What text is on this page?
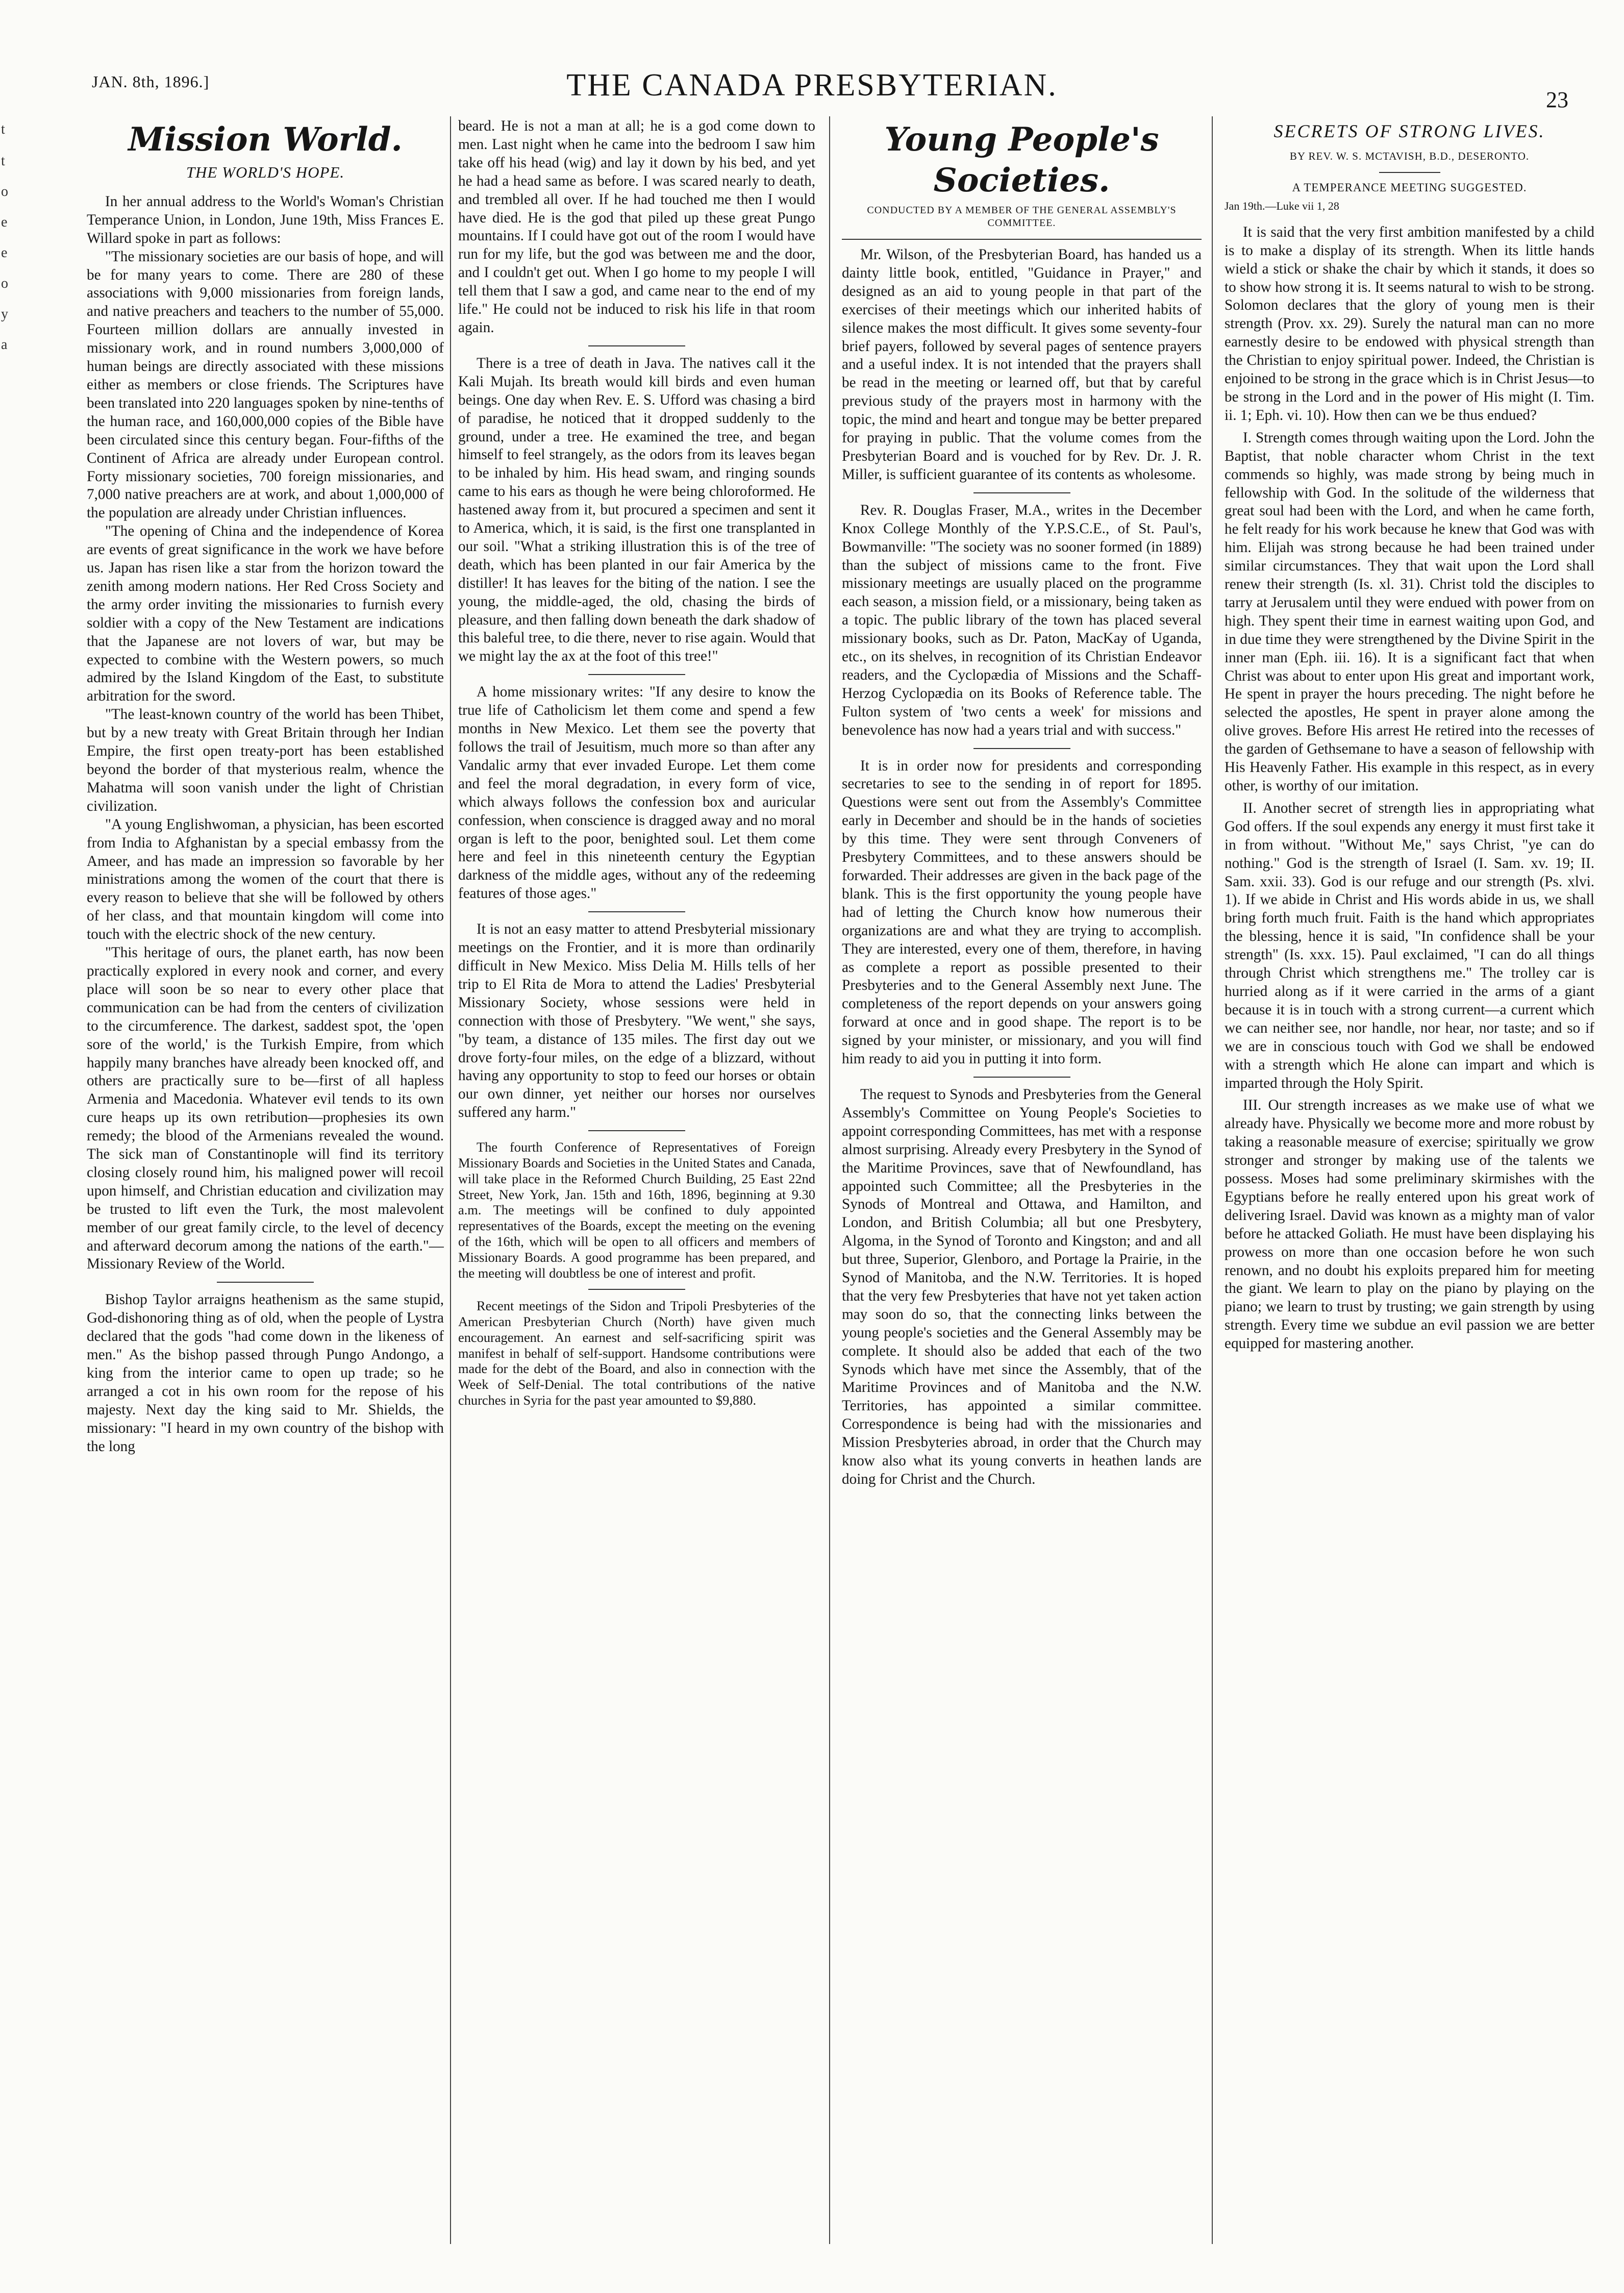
JAN. 8th, 1896.]	THE CANADA PRESBYTERIAN.	23
t
t
o
e
e
o
y
a
Mission World.
THE WORLD'S HOPE.

In her annual address to the World's Woman's Christian Temperance Union, in London, June 19th, Miss Frances E. Willard spoke in part as follows:

"The missionary societies are our basis of hope, and will be for many years to come. There are 280 of these associations with 9,000 missionaries from foreign lands, and native preachers and teachers to the number of 55,000. Fourteen million dollars are annually invested in missionary work, and in round numbers 3,000,000 of human beings are directly associated with these missions either as members or close friends. The Scriptures have been translated into 220 languages spoken by nine-tenths of the human race, and 160,000,000 copies of the Bible have been circulated since this century began. Four-fifths of the Continent of Africa are already under European control. Forty missionary societies, 700 foreign missionaries, and 7,000 native preachers are at work, and about 1,000,000 of the population are already under Christian influences.

"The opening of China and the independence of Korea are events of great significance in the work we have before us. Japan has risen like a star from the horizon toward the zenith among modern nations. Her Red Cross Society and the army order inviting the missionaries to furnish every soldier with a copy of the New Testament are indications that the Japanese are not lovers of war, but may be expected to combine with the Western powers, so much admired by the Island Kingdom of the East, to substitute arbitration for the sword.

"The least-known country of the world has been Thibet, but by a new treaty with Great Britain through her Indian Empire, the first open treaty-port has been established beyond the border of that mysterious realm, whence the Mahatma will soon vanish under the light of Christian civilization.

"A young Englishwoman, a physician, has been escorted from India to Afghanistan by a special embassy from the Ameer, and has made an impression so favorable by her ministrations among the women of the court that there is every reason to believe that she will be followed by others of her class, and that mountain kingdom will come into touch with the electric shock of the new century.

"This heritage of ours, the planet earth, has now been practically explored in every nook and corner, and every place will soon be so near to every other place that communication can be had from the centers of civilization to the circumference. The darkest, saddest spot, the 'open sore of the world,' is the Turkish Empire, from which happily many branches have already been knocked off, and others are practically sure to be—first of all hapless Armenia and Macedonia. Whatever evil tends to its own cure heaps up its own retribution—prophesies its own remedy; the blood of the Armenians revealed the wound. The sick man of Constantinople will find its territory closing closely round him, his maligned power will recoil upon himself, and Christian education and civilization may be trusted to lift even the Turk, the most malevolent member of our great family circle, to the level of decency and afterward decorum among the nations of the earth."—Missionary Review of the World.

Bishop Taylor arraigns heathenism as the same stupid, God-dishonoring thing as of old, when the people of Lystra declared that the gods "had come down in the likeness of men." As the bishop passed through Pungo Andongo, a king from the interior came to open up trade; so he arranged a cot in his own room for the repose of his majesty. Next day the king said to Mr. Shields, the missionary: "I heard in my own country of the bishop with the long

beard. He is not a man at all; he is a god come down to men. Last night when he came into the bedroom I saw him take off his head (wig) and lay it down by his bed, and yet he had a head same as before. I was scared nearly to death, and trembled all over. If he had touched me then I would have died. He is the god that piled up these great Pungo mountains. If I could have got out of the room I would have run for my life, but the god was between me and the door, and I couldn't get out. When I go home to my people I will tell them that I saw a god, and came near to the end of my life." He could not be induced to risk his life in that room again.

There is a tree of death in Java. The natives call it the Kali Mujah. Its breath would kill birds and even human beings. One day when Rev. E. S. Ufford was chasing a bird of paradise, he noticed that it dropped suddenly to the ground, under a tree. He examined the tree, and began himself to feel strangely, as the odors from its leaves began to be inhaled by him. His head swam, and ringing sounds came to his ears as though he were being chloroformed. He hastened away from it, but procured a specimen and sent it to America, which, it is said, is the first one transplanted in our soil. "What a striking illustration this is of the tree of death, which has been planted in our fair America by the distiller! It has leaves for the biting of the nation. I see the young, the middle-aged, the old, chasing the birds of pleasure, and then falling down beneath the dark shadow of this baleful tree, to die there, never to rise again. Would that we might lay the ax at the foot of this tree!"

A home missionary writes: "If any desire to know the true life of Catholicism let them come and spend a few months in New Mexico. Let them see the poverty that follows the trail of Jesuitism, much more so than after any Vandalic army that ever invaded Europe. Let them come and feel the moral degradation, in every form of vice, which always follows the confession box and auricular confession, when conscience is dragged away and no moral organ is left to the poor, benighted soul. Let them come here and feel in this nineteenth century the Egyptian darkness of the middle ages, without any of the redeeming features of those ages."

It is not an easy matter to attend Presbyterial missionary meetings on the Frontier, and it is more than ordinarily difficult in New Mexico. Miss Delia M. Hills tells of her trip to El Rita de Mora to attend the Ladies' Presbyterial Missionary Society, whose sessions were held in connection with those of Presbytery. "We went," she says, "by team, a distance of 135 miles. The first day out we drove forty-four miles, on the edge of a blizzard, without having any opportunity to stop to feed our horses or obtain our own dinner, yet neither our horses nor ourselves suffered any harm."

The fourth Conference of Representatives of Foreign Missionary Boards and Societies in the United States and Canada, will take place in the Reformed Church Building, 25 East 22nd Street, New York, Jan. 15th and 16th, 1896, beginning at 9.30 a.m. The meetings will be confined to duly appointed representatives of the Boards, except the meeting on the evening of the 16th, which will be open to all officers and members of Missionary Boards. A good programme has been prepared, and the meeting will doubtless be one of interest and profit.

Recent meetings of the Sidon and Tripoli Presbyteries of the American Presbyterian Church (North) have given much encouragement. An earnest and self-sacrificing spirit was manifest in behalf of self-support. Handsome contributions were made for the debt of the Board, and also in connection with the Week of Self-Denial. The total contributions of the native churches in Syria for the past year amounted to $9,880.

Young People's Societies.
CONDUCTED BY A MEMBER OF THE GENERAL ASSEMBLY'S COMMITTEE.

Mr. Wilson, of the Presbyterian Board, has handed us a dainty little book, entitled, "Guidance in Prayer," and designed as an aid to young people in that part of the exercises of their meetings which our inherited habits of silence makes the most difficult. It gives some seventy-four brief payers, followed by several pages of sentence prayers and a useful index. It is not intended that the prayers shall be read in the meeting or learned off, but that by careful previous study of the prayers most in harmony with the topic, the mind and heart and tongue may be better prepared for praying in public. That the volume comes from the Presbyterian Board and is vouched for by Rev. Dr. J. R. Miller, is sufficient guarantee of its contents as wholesome.

Rev. R. Douglas Fraser, M.A., writes in the December Knox College Monthly of the Y.P.S.C.E., of St. Paul's, Bowmanville: "The society was no sooner formed (in 1889) than the subject of missions came to the front. Five missionary meetings are usually placed on the programme each season, a mission field, or a missionary, being taken as a topic. The public library of the town has placed several missionary books, such as Dr. Paton, MacKay of Uganda, etc., on its shelves, in recognition of its Christian Endeavor readers, and the Cyclopædia of Missions and the Schaff-Herzog Cyclopædia on its Books of Reference table. The Fulton system of 'two cents a week' for missions and benevolence has now had a years trial and with success."

It is in order now for presidents and corresponding secretaries to see to the sending in of report for 1895. Questions were sent out from the Assembly's Committee early in December and should be in the hands of societies by this time. They were sent through Conveners of Presbytery Committees, and to these answers should be forwarded. Their addresses are given in the back page of the blank. This is the first opportunity the young people have had of letting the Church know how numerous their organizations are and what they are trying to accomplish. They are interested, every one of them, therefore, in having as complete a report as possible presented to their Presbyteries and to the General Assembly next June. The completeness of the report depends on your answers going forward at once and in good shape. The report is to be signed by your minister, or missionary, and you will find him ready to aid you in putting it into form.

The request to Synods and Presbyteries from the General Assembly's Committee on Young People's Societies to appoint corresponding Committees, has met with a response almost surprising. Already every Presbytery in the Synod of the Maritime Provinces, save that of Newfoundland, has appointed such Committee; all the Presbyteries in the Synods of Montreal and Ottawa, and Hamilton, and London, and British Columbia; all but one Presbytery, Algoma, in the Synod of Toronto and Kingston; and and all but three, Superior, Glenboro, and Portage la Prairie, in the Synod of Manitoba, and the N.W. Territories. It is hoped that the very few Presbyteries that have not yet taken action may soon do so, that the connecting links between the young people's societies and the General Assembly may be complete. It should also be added that each of the two Synods which have met since the Assembly, that of the Maritime Provinces and of Manitoba and the N.W. Territories, has appointed a similar committee. Correspondence is being had with the missionaries and Mission Presbyteries abroad, in order that the Church may know also what its young converts in heathen lands are doing for Christ and the Church.

SECRETS OF STRONG LIVES.
BY REV. W. S. MCTAVISH, B.D., DESERONTO.
A TEMPERANCE MEETING SUGGESTED.
Jan 19th.—Luke vii 1, 28

It is said that the very first ambition manifested by a child is to make a display of its strength. When its little hands wield a stick or shake the chair by which it stands, it does so to show how strong it is. It seems natural to wish to be strong. Solomon declares that the glory of young men is their strength (Prov. xx. 29). Surely the natural man can no more earnestly desire to be endowed with physical strength than the Christian to enjoy spiritual power. Indeed, the Christian is enjoined to be strong in the grace which is in Christ Jesus—to be strong in the Lord and in the power of His might (I. Tim. ii. 1; Eph. vi. 10). How then can we be thus endued?

I. Strength comes through waiting upon the Lord. John the Baptist, that noble character whom Christ in the text commends so highly, was made strong by being much in fellowship with God. In the solitude of the wilderness that great soul had been with the Lord, and when he came forth, he felt ready for his work because he knew that God was with him. Elijah was strong because he had been trained under similar circumstances. They that wait upon the Lord shall renew their strength (Is. xl. 31). Christ told the disciples to tarry at Jerusalem until they were endued with power from on high. They spent their time in earnest waiting upon God, and in due time they were strengthened by the Divine Spirit in the inner man (Eph. iii. 16). It is a significant fact that when Christ was about to enter upon His great and important work, He spent in prayer the hours preceding. The night before he selected the apostles, He spent in prayer alone among the olive groves. Before His arrest He retired into the recesses of the garden of Gethsemane to have a season of fellowship with His Heavenly Father. His example in this respect, as in every other, is worthy of our imitation.

II. Another secret of strength lies in appropriating what God offers. If the soul expends any energy it must first take it in from without. "Without Me," says Christ, "ye can do nothing." God is the strength of Israel (I. Sam. xv. 19; II. Sam. xxii. 33). God is our refuge and our strength (Ps. xlvi. 1). If we abide in Christ and His words abide in us, we shall bring forth much fruit. Faith is the hand which appropriates the blessing, hence it is said, "In confidence shall be your strength" (Is. xxx. 15). Paul exclaimed, "I can do all things through Christ which strengthens me." The trolley car is hurried along as if it were carried in the arms of a giant because it is in touch with a strong current—a current which we can neither see, nor handle, nor hear, nor taste; and so if we are in conscious touch with God we shall be endowed with a strength which He alone can impart and which is imparted through the Holy Spirit.

III. Our strength increases as we make use of what we already have. Physically we become more and more robust by taking a reasonable measure of exercise; spiritually we grow stronger and stronger by making use of the talents we possess. Moses had some preliminary skirmishes with the Egyptians before he really entered upon his great work of delivering Israel. David was known as a mighty man of valor before he attacked Goliath. He must have been displaying his prowess on more than one occasion before he won such renown, and no doubt his exploits prepared him for meeting the giant. We learn to play on the piano by playing on the piano; we learn to trust by trusting; we gain strength by using strength. Every time we subdue an evil passion we are better equipped for mastering another.
